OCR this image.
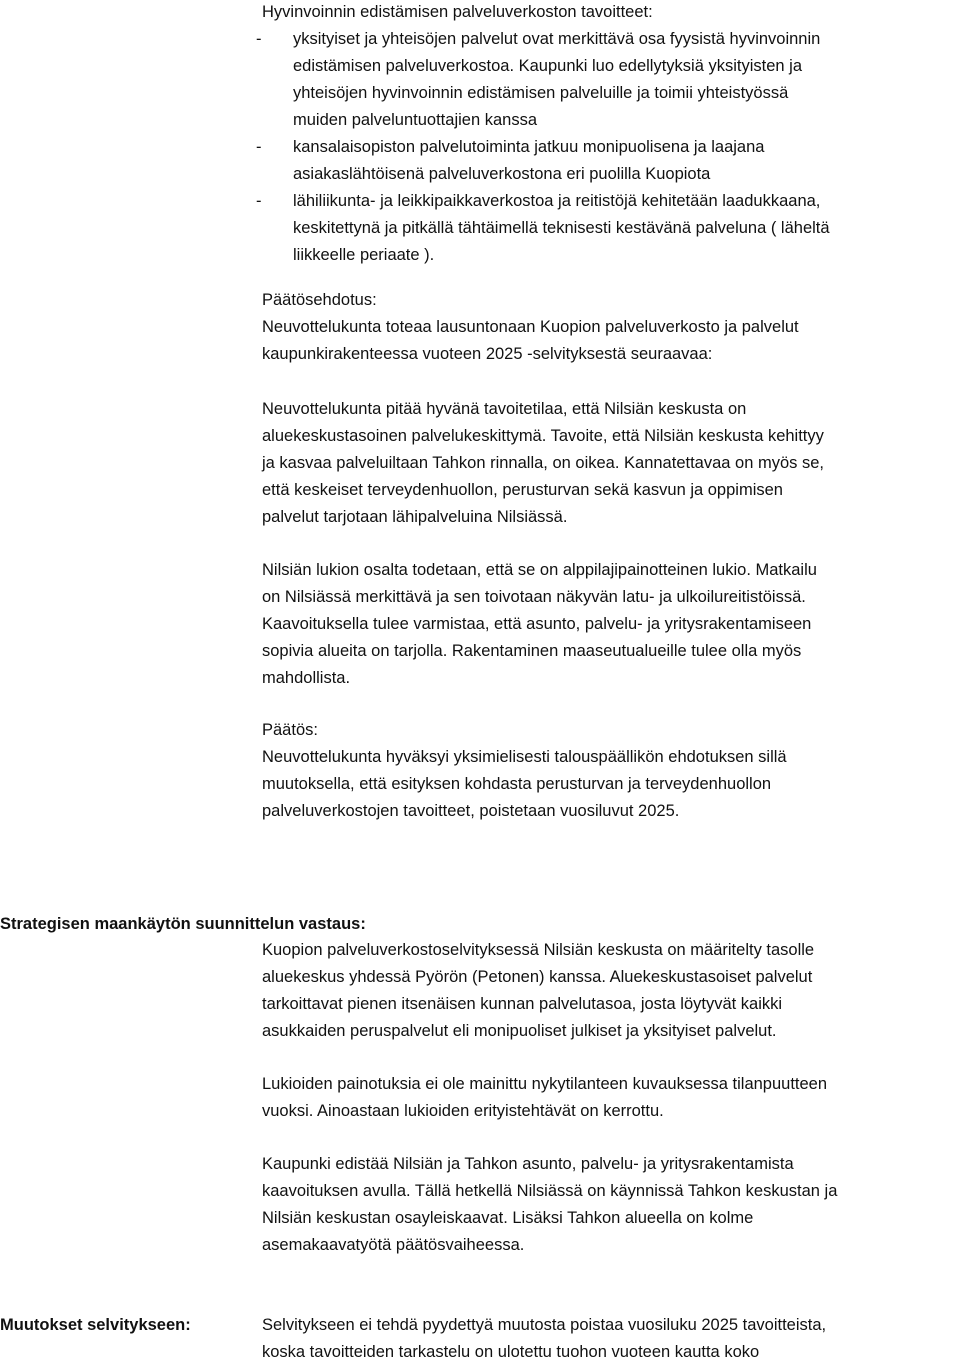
Hyvinvoinnin edistämisen palveluverkoston tavoitteet:
- yksityiset ja yhteisöjen palvelut ovat merkittävä osa fyysistä hyvinvoinnin
edistämisen palveluverkostoa. Kaupunki luo edellytyksiä yksityisten ja
yhteisöjen hyvinvoinnin edistämisen palveluille ja toimii yhteistyössä
muiden palveluntuottajien kanssa
- kansalaisopiston palvelutoiminta jatkuu monipuolisena ja laajana
asiakaslähtöisenä palveluverkostona eri puolilla Kuopiota
- lähiliikunta- ja leikkipaikkaverkostoa ja reitistöjä kehitetään laadukkaana,
keskitettynä ja pitkällä tähtäimellä teknisesti kestävänä palveluna ( läheltä
liikkeelle periaate ).
Päätösehdotus:
Neuvottelukunta toteaa lausuntonaan Kuopion palveluverkosto ja palvelut
kaupunkirakenteessa vuoteen 2025 -selvityksestä seuraavaa:
Neuvottelukunta pitää hyvänä tavoitetilaa, että Nilsiän keskusta on
aluekeskustasoinen palvelukeskittymä. Tavoite, että Nilsiän keskusta kehittyy
ja kasvaa palveluiltaan Tahkon rinnalla, on oikea. Kannatettavaa on myös se,
että keskeiset terveydenhuollon, perusturvan sekä kasvun ja oppimisen
palvelut tarjotaan lähipalveluina Nilsiässä.
Nilsiän lukion osalta todetaan, että se on alppilajipainotteinen lukio. Matkailu
on Nilsiässä merkittävä ja sen toivotaan näkyvän latu- ja ulkoilureitistöissä.
Kaavoituksella tulee varmistaa, että asunto, palvelu- ja yritysrakentamiseen
sopivia alueita on tarjolla. Rakentaminen maaseutualueille tulee olla myös
mahdollista.
Päätös:
Neuvottelukunta hyväksyi yksimielisesti talouspäällikön ehdotuksen sillä
muutoksella, että esityksen kohdasta perusturvan ja terveydenhuollon
palveluverkostojen tavoitteet, poistetaan vuosiluvut 2025.
Strategisen maankäytön suunnittelun vastaus:
Kuopion palveluverkostoselvityksessä Nilsiän keskusta on määritelty tasolle
aluekeskus yhdessä Pyörön (Petonen) kanssa. Aluekeskustasoiset palvelut
tarkoittavat pienen itsenäisen kunnan palvelutasoa, josta löytyvät kaikki
asukkaiden peruspalvelut eli monipuoliset julkiset ja yksityiset palvelut.
Lukioiden painotuksia ei ole mainittu nykytilanteen kuvauksessa tilanpuutteen
vuoksi. Ainoastaan lukioiden erityistehtävät on kerrottu.
Kaupunki edistää Nilsiän ja Tahkon asunto, palvelu- ja yritysrakentamista
kaavoituksen avulla. Tällä hetkellä Nilsiässä on käynnissä Tahkon keskustan ja
Nilsiän keskustan osayleiskaavat. Lisäksi Tahkon alueella on kolme
asemakaavatyötä päätösvaiheessa.
Muutokset selvitykseen:	Selvitykseen ei tehdä pyydettyä muutosta poistaa vuosiluku 2025 tavoitteista,
koska tavoitteiden tarkastelu on ulotettu tuohon vuoteen kautta koko
